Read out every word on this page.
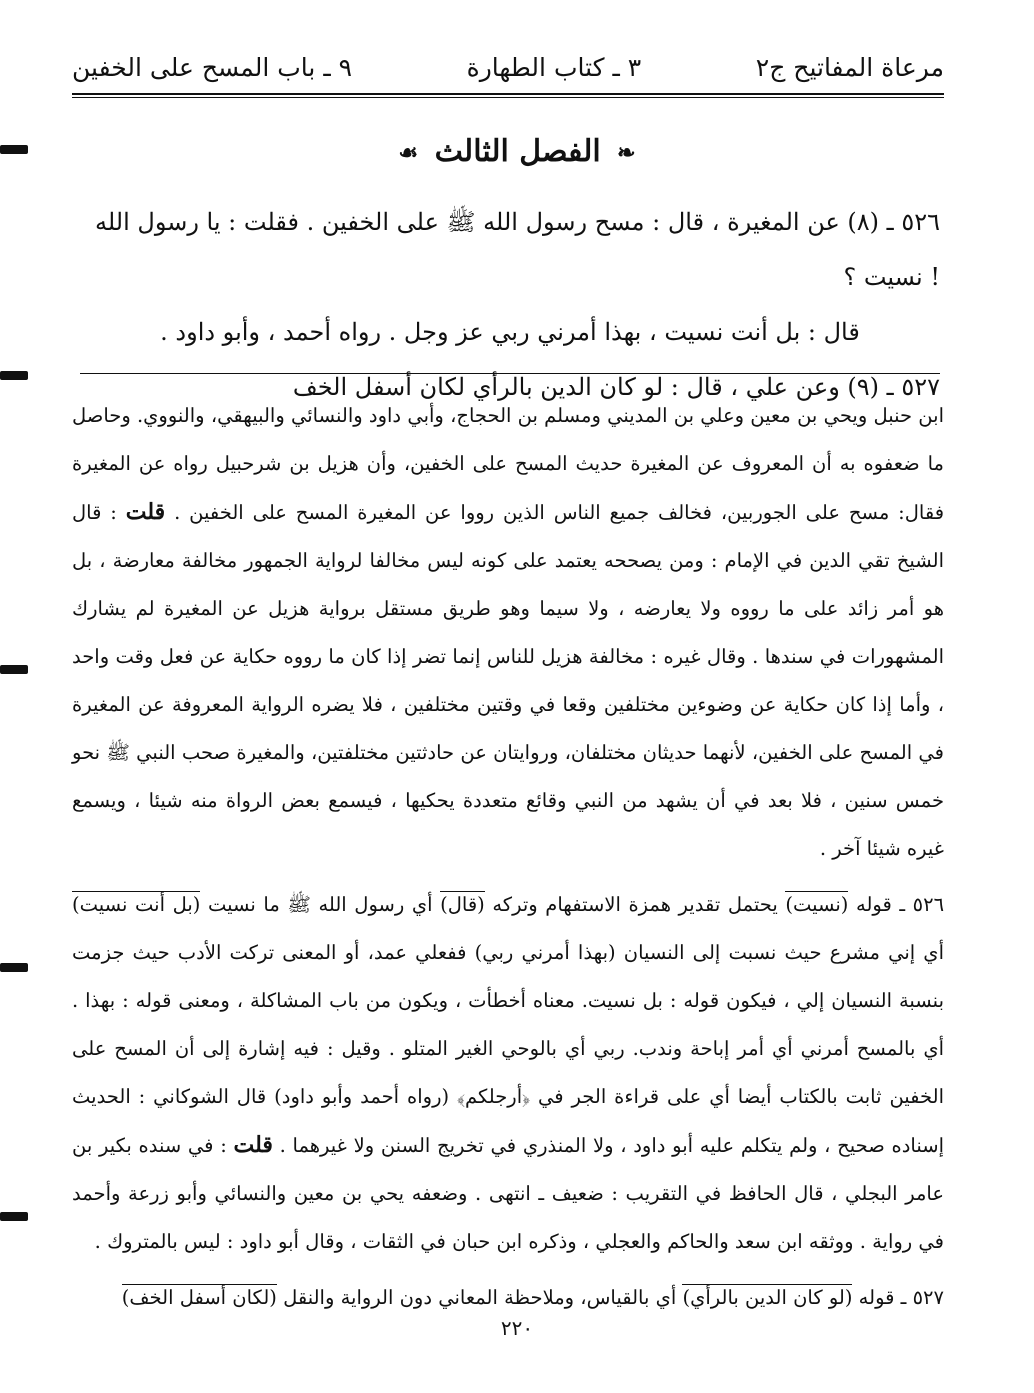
مرعاة المفاتيح ج٢
٣ ـ كتاب الطهارة
٩ ـ باب المسح على الخفين
❧ الفصل الثالث ☙

٥٢٦ ـ (٨) عن المغيرة ، قال : مسح رسول الله ﷺ على الخفين . فقلت : يا رسول الله ! نسيت ؟

قال : بل أنت نسيت ، بهذا أمرني ربي عز وجل . رواه أحمد ، وأبو داود .

٥٢٧ ـ (٩) وعن علي ، قال : لو كان الدين بالرأي لكان أسفل الخف

ابن حنبل ويحي بن معين وعلي بن المديني ومسلم بن الحجاج، وأبي داود والنسائي والبيهقي، والنووي. وحاصل ما ضعفوه به أن المعروف عن المغيرة حديث المسح على الخفين، وأن هزيل بن شرحبيل رواه عن المغيرة فقال: مسح على الجوربين، فخالف جميع الناس الذين رووا عن المغيرة المسح على الخفين . قلت : قال الشيخ تقي الدين في الإمام : ومن يصححه يعتمد على كونه ليس مخالفا لرواية الجمهور مخالفة معارضة ، بل هو أمر زائد على ما رووه ولا يعارضه ، ولا سيما وهو طريق مستقل برواية هزيل عن المغيرة لم يشارك المشهورات في سندها . وقال غيره : مخالفة هزيل للناس إنما تضر إذا كان ما رووه حكاية عن فعل وقت واحد ، وأما إذا كان حكاية عن وضوءين مختلفين وقعا في وقتين مختلفين ، فلا يضره الرواية المعروفة عن المغيرة في المسح على الخفين، لأنهما حديثان مختلفان، وروايتان عن حادثتين مختلفتين، والمغيرة صحب النبي ﷺ نحو خمس سنين ، فلا بعد في أن يشهد من النبي وقائع متعددة يحكيها ، فيسمع بعض الرواة منه شيئا ، ويسمع غيره شيئا آخر .

٥٢٦ ـ قوله (نسيت) يحتمل تقدير همزة الاستفهام وتركه (قال) أي رسول الله ﷺ ما نسيت (بل أنت نسيت) أي إني مشرع حيث نسبت إلى النسيان (بهذا أمرني ربي) ففعلي عمد، أو المعنى تركت الأدب حيث جزمت بنسبة النسيان إلي ، فيكون قوله : بل نسيت. معناه أخطأت ، ويكون من باب المشاكلة ، ومعنى قوله : بهذا . أي بالمسح أمرني أي أمر إباحة وندب. ربي أي بالوحي الغير المتلو . وقيل : فيه إشارة إلى أن المسح على الخفين ثابت بالكتاب أيضا أي على قراءة الجر في ﴿أرجلكم﴾ (رواه أحمد وأبو داود) قال الشوكاني : الحديث إسناده صحيح ، ولم يتكلم عليه أبو داود ، ولا المنذري في تخريج السنن ولا غيرهما . قلت : في سنده بكير بن عامر البجلي ، قال الحافظ في التقريب : ضعيف ـ انتهى . وضعفه يحي بن معين والنسائي وأبو زرعة وأحمد في رواية . ووثقه ابن سعد والحاكم والعجلي ، وذكره ابن حبان في الثقات ، وقال أبو داود : ليس بالمتروك .

٥٢٧ ـ قوله (لو كان الدين بالرأي) أي بالقياس، وملاحظة المعاني دون الرواية والنقل (لكان أسفل الخف)

٢٢٠
